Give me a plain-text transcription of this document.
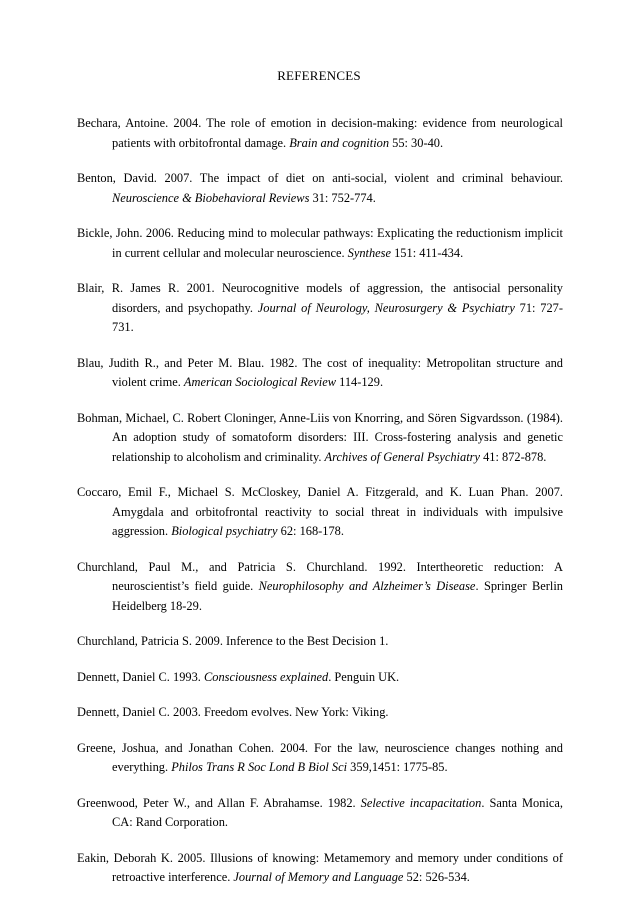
REFERENCES

Bechara, Antoine. 2004. The role of emotion in decision-making: evidence from neurological patients with orbitofrontal damage. Brain and cognition 55: 30-40.

Benton, David. 2007. The impact of diet on anti-social, violent and criminal behaviour. Neuroscience & Biobehavioral Reviews 31: 752-774.

Bickle, John. 2006. Reducing mind to molecular pathways: Explicating the reductionism implicit in current cellular and molecular neuroscience. Synthese 151: 411-434.

Blair, R. James R. 2001. Neurocognitive models of aggression, the antisocial personality disorders, and psychopathy. Journal of Neurology, Neurosurgery & Psychiatry 71: 727-731.

Blau, Judith R., and Peter M. Blau. 1982. The cost of inequality: Metropolitan structure and violent crime. American Sociological Review 114-129.

Bohman, Michael, C. Robert Cloninger, Anne-Liis von Knorring, and Sören Sigvardsson. (1984). An adoption study of somatoform disorders: III. Cross-fostering analysis and genetic relationship to alcoholism and criminality. Archives of General Psychiatry 41: 872-878.

Coccaro, Emil F., Michael S. McCloskey, Daniel A. Fitzgerald, and K. Luan Phan. 2007. Amygdala and orbitofrontal reactivity to social threat in individuals with impulsive aggression. Biological psychiatry 62: 168-178.

Churchland, Paul M., and Patricia S. Churchland. 1992. Intertheoretic reduction: A neuroscientist’s field guide. Neurophilosophy and Alzheimer’s Disease. Springer Berlin Heidelberg 18-29.

Churchland, Patricia S. 2009. Inference to the Best Decision 1.

Dennett, Daniel C. 1993. Consciousness explained. Penguin UK.

Dennett, Daniel C. 2003. Freedom evolves. New York: Viking.

Greene, Joshua, and Jonathan Cohen. 2004. For the law, neuroscience changes nothing and everything. Philos Trans R Soc Lond B Biol Sci 359,1451: 1775-85.

Greenwood, Peter W., and Allan F. Abrahamse. 1982. Selective incapacitation. Santa Monica, CA: Rand Corporation.

Eakin, Deborah K. 2005. Illusions of knowing: Metamemory and memory under conditions of retroactive interference. Journal of Memory and Language 52: 526-534.
